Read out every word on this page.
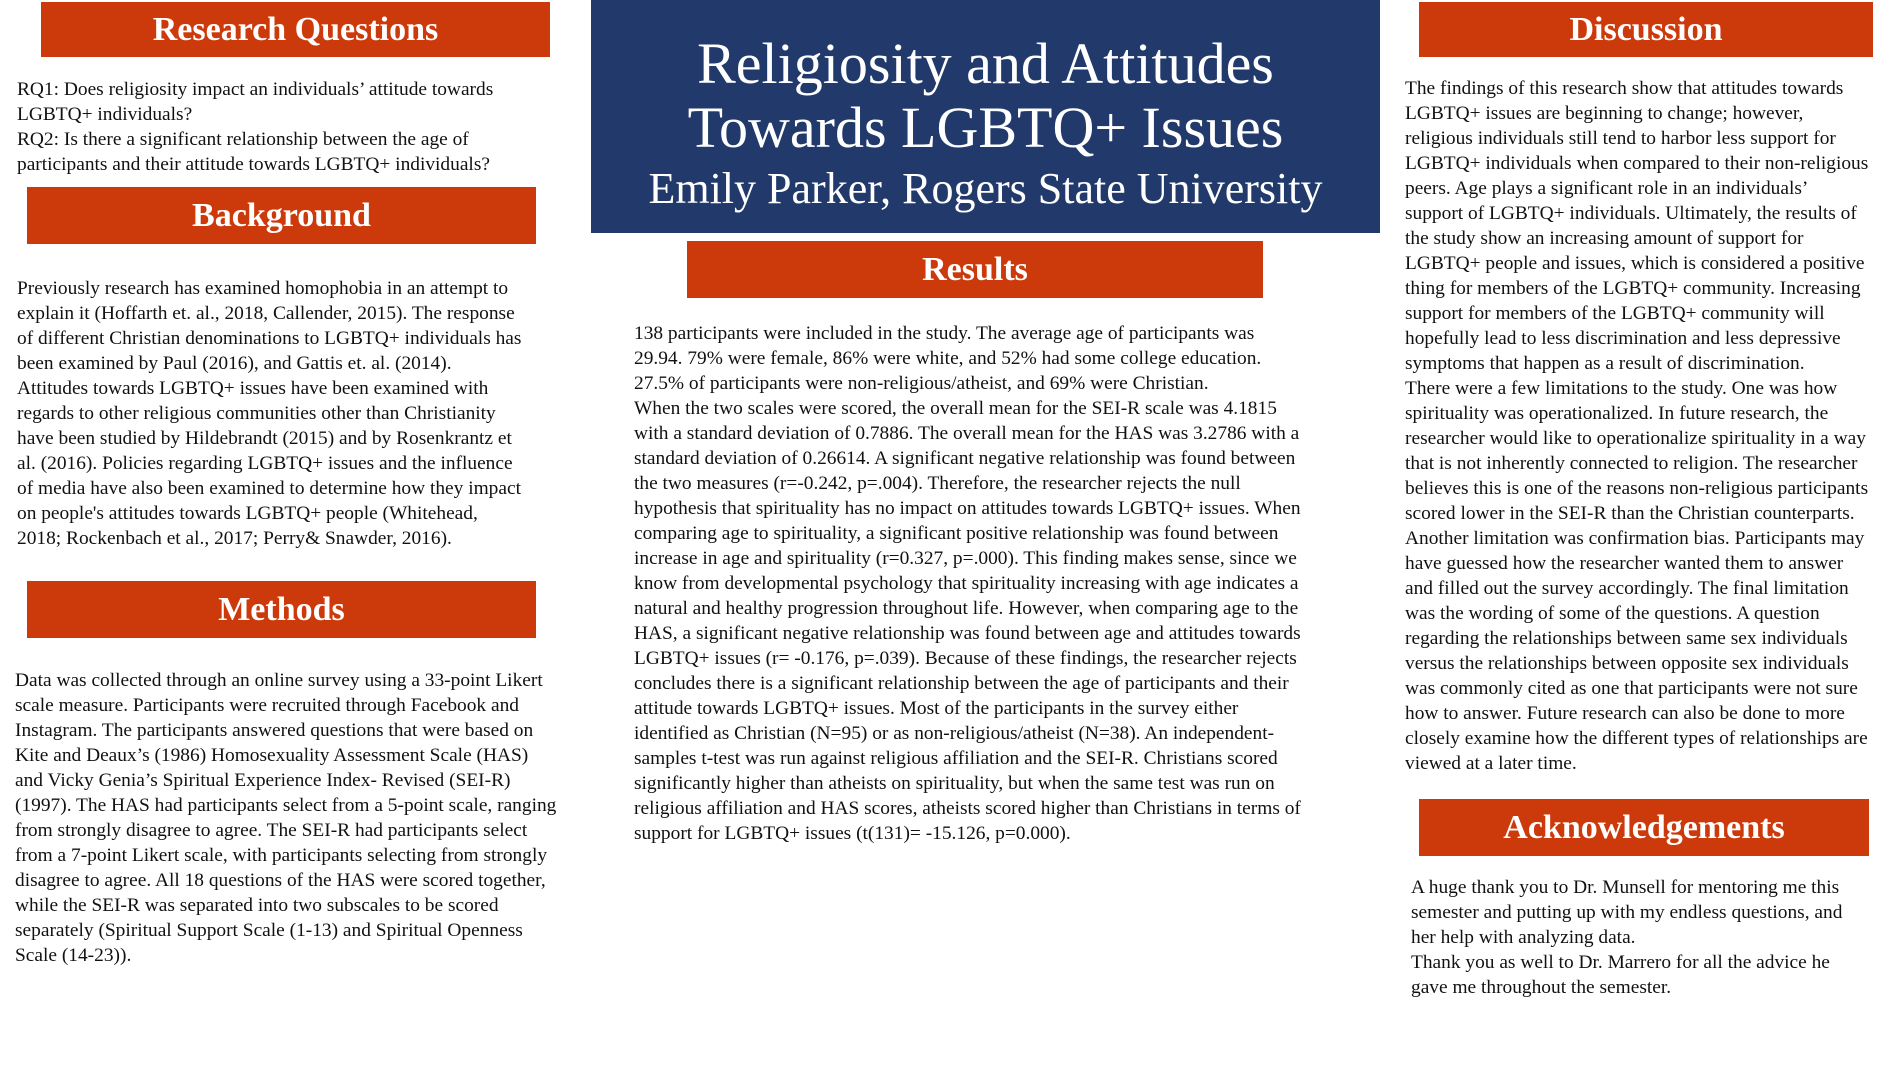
Religiosity and Attitudes
Towards LGBTQ+ Issues
Emily Parker, Rogers State University
Research Questions
RQ1: Does religiosity impact an individuals’ attitude towards
LGBTQ+ individuals?
RQ2: Is there a significant relationship between the age of
participants and their attitude towards LGBTQ+ individuals?
Background
Previously research has examined homophobia in an attempt to
explain it (Hoffarth et. al., 2018, Callender, 2015). The response
of different Christian denominations to LGBTQ+ individuals has
been examined by Paul (2016), and Gattis et. al. (2014).
Attitudes towards LGBTQ+ issues have been examined with
regards to other religious communities other than Christianity
have been studied by Hildebrandt (2015) and by Rosenkrantz et
al. (2016). Policies regarding LGBTQ+ issues and the influence
of media have also been examined to determine how they impact
on people's attitudes towards LGBTQ+ people (Whitehead,
2018; Rockenbach et al., 2017; Perry& Snawder, 2016).
Methods
Data was collected through an online survey using a 33-point Likert
scale measure. Participants were recruited through Facebook and
Instagram. The participants answered questions that were based on
Kite and Deaux’s (1986) Homosexuality Assessment Scale (HAS)
and Vicky Genia’s Spiritual Experience Index- Revised (SEI-R)
(1997). The HAS had participants select from a 5-point scale, ranging
from strongly disagree to agree. The SEI-R had participants select
from a 7-point Likert scale, with participants selecting from strongly
disagree to agree. All 18 questions of the HAS were scored together,
while the SEI-R was separated into two subscales to be scored
separately (Spiritual Support Scale (1-13) and Spiritual Openness
Scale (14-23)).
Results
138 participants were included in the study. The average age of participants was
29.94. 79% were female, 86% were white, and 52% had some college education.
27.5% of participants were non-religious/atheist, and 69% were Christian.
When the two scales were scored, the overall mean for the SEI-R scale was 4.1815
with a standard deviation of 0.7886. The overall mean for the HAS was 3.2786 with a
standard deviation of 0.26614. A significant negative relationship was found between
the two measures (r=-0.242, p=.004). Therefore, the researcher rejects the null
hypothesis that spirituality has no impact on attitudes towards LGBTQ+ issues. When
comparing age to spirituality, a significant positive relationship was found between
increase in age and spirituality (r=0.327, p=.000). This finding makes sense, since we
know from developmental psychology that spirituality increasing with age indicates a
natural and healthy progression throughout life. However, when comparing age to the
HAS, a significant negative relationship was found between age and attitudes towards
LGBTQ+ issues (r= -0.176, p=.039). Because of these findings, the researcher rejects
concludes there is a significant relationship between the age of participants and their
attitude towards LGBTQ+ issues. Most of the participants in the survey either
identified as Christian (N=95) or as non-religious/atheist (N=38). An independent-
samples t-test was run against religious affiliation and the SEI-R. Christians scored
significantly higher than atheists on spirituality, but when the same test was run on
religious affiliation and HAS scores, atheists scored higher than Christians in terms of
support for LGBTQ+ issues (t(131)= -15.126, p=0.000).
Discussion
The findings of this research show that attitudes towards
LGBTQ+ issues are beginning to change; however,
religious individuals still tend to harbor less support for
LGBTQ+ individuals when compared to their non-religious
peers. Age plays a significant role in an individuals’
support of LGBTQ+ individuals. Ultimately, the results of
the study show an increasing amount of support for
LGBTQ+ people and issues, which is considered a positive
thing for members of the LGBTQ+ community. Increasing
support for members of the LGBTQ+ community will
hopefully lead to less discrimination and less depressive
symptoms that happen as a result of discrimination.
There were a few limitations to the study. One was how
spirituality was operationalized. In future research, the
researcher would like to operationalize spirituality in a way
that is not inherently connected to religion. The researcher
believes this is one of the reasons non-religious participants
scored lower in the SEI-R than the Christian counterparts.
Another limitation was confirmation bias. Participants may
have guessed how the researcher wanted them to answer
and filled out the survey accordingly. The final limitation
was the wording of some of the questions. A question
regarding the relationships between same sex individuals
versus the relationships between opposite sex individuals
was commonly cited as one that participants were not sure
how to answer. Future research can also be done to more
closely examine how the different types of relationships are
viewed at a later time.
Acknowledgements
A huge thank you to Dr. Munsell for mentoring me this
semester and putting up with my endless questions, and
her help with analyzing data.
Thank you as well to Dr. Marrero for all the advice he
gave me throughout the semester.
